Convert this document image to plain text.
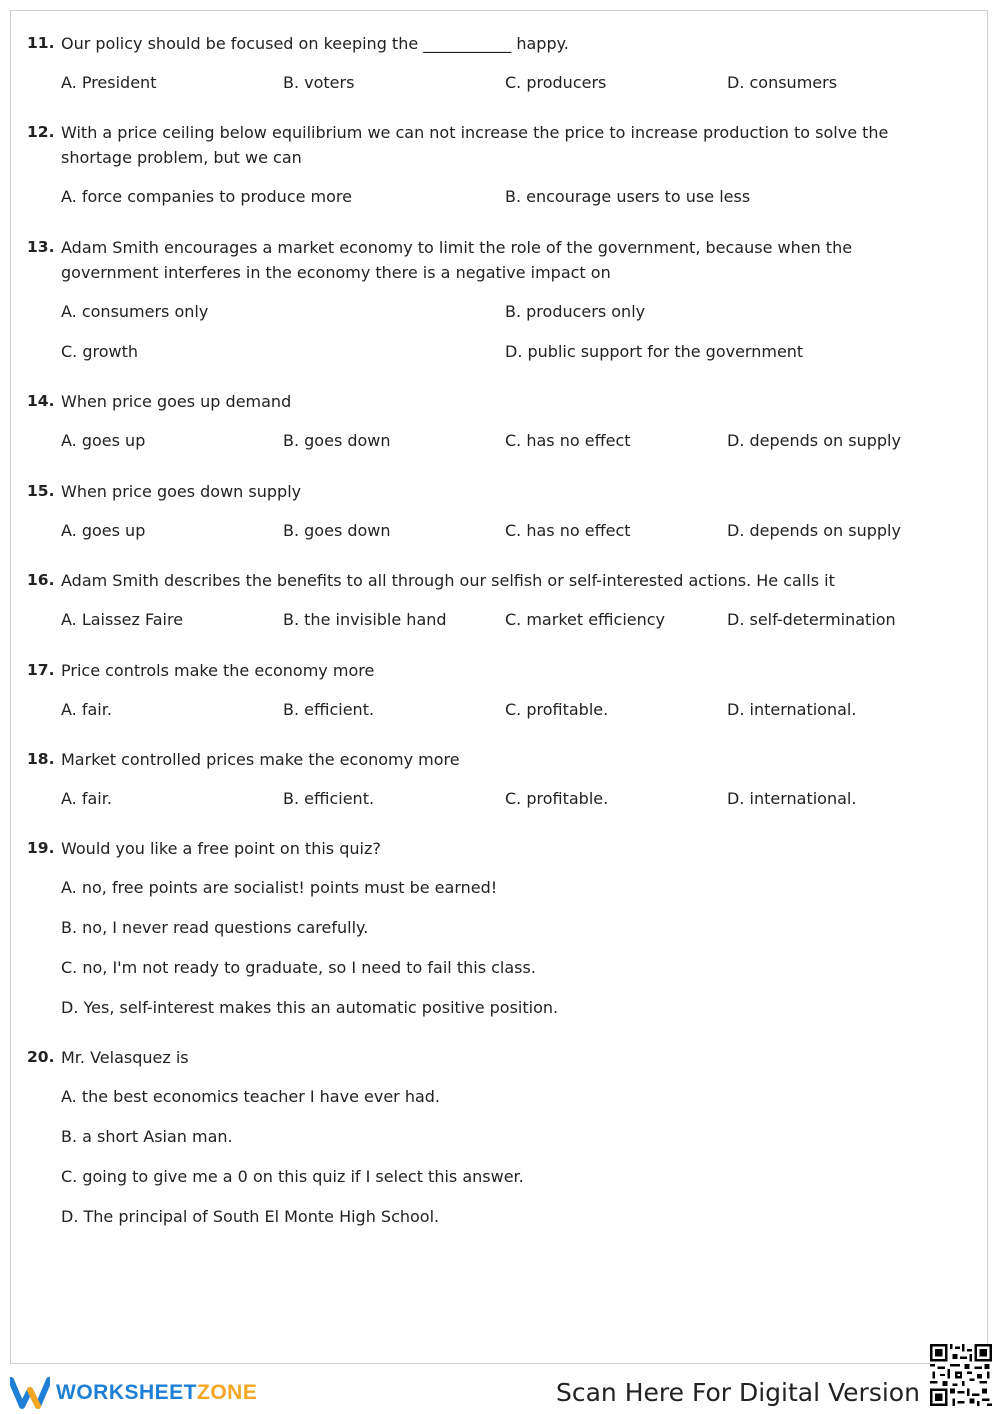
11. Our policy should be focused on keeping the ___________ happy.
A. President	B. voters	C. producers	D. consumers
12. With a price ceiling below equilibrium we can not increase the price to increase production to solve the shortage problem, but we can
A. force companies to produce more	B. encourage users to use less
13. Adam Smith encourages a market economy to limit the role of the government, because when the government interferes in the economy there is a negative impact on
A. consumers only	B. producers only
C. growth	D. public support for the government
14. When price goes up demand
A. goes up	B. goes down	C. has no effect	D. depends on supply
15. When price goes down supply
A. goes up	B. goes down	C. has no effect	D. depends on supply
16. Adam Smith describes the benefits to all through our selfish or self-interested actions. He calls it
A. Laissez Faire	B. the invisible hand	C. market efficiency	D. self-determination
17. Price controls make the economy more
A. fair.	B. efficient.	C. profitable.	D. international.
18. Market controlled prices make the economy more
A. fair.	B. efficient.	C. profitable.	D. international.
19. Would you like a free point on this quiz?
A. no, free points are socialist! points must be earned!
B. no, I never read questions carefully.
C. no, I'm not ready to graduate, so I need to fail this class.
D. Yes, self-interest makes this an automatic positive position.
20. Mr. Velasquez is
A. the best economics teacher I have ever had.
B. a short Asian man.
C. going to give me a 0 on this quiz if I select this answer.
D. The principal of South El Monte High School.
WORKSHEETZONE	Scan Here For Digital Version
